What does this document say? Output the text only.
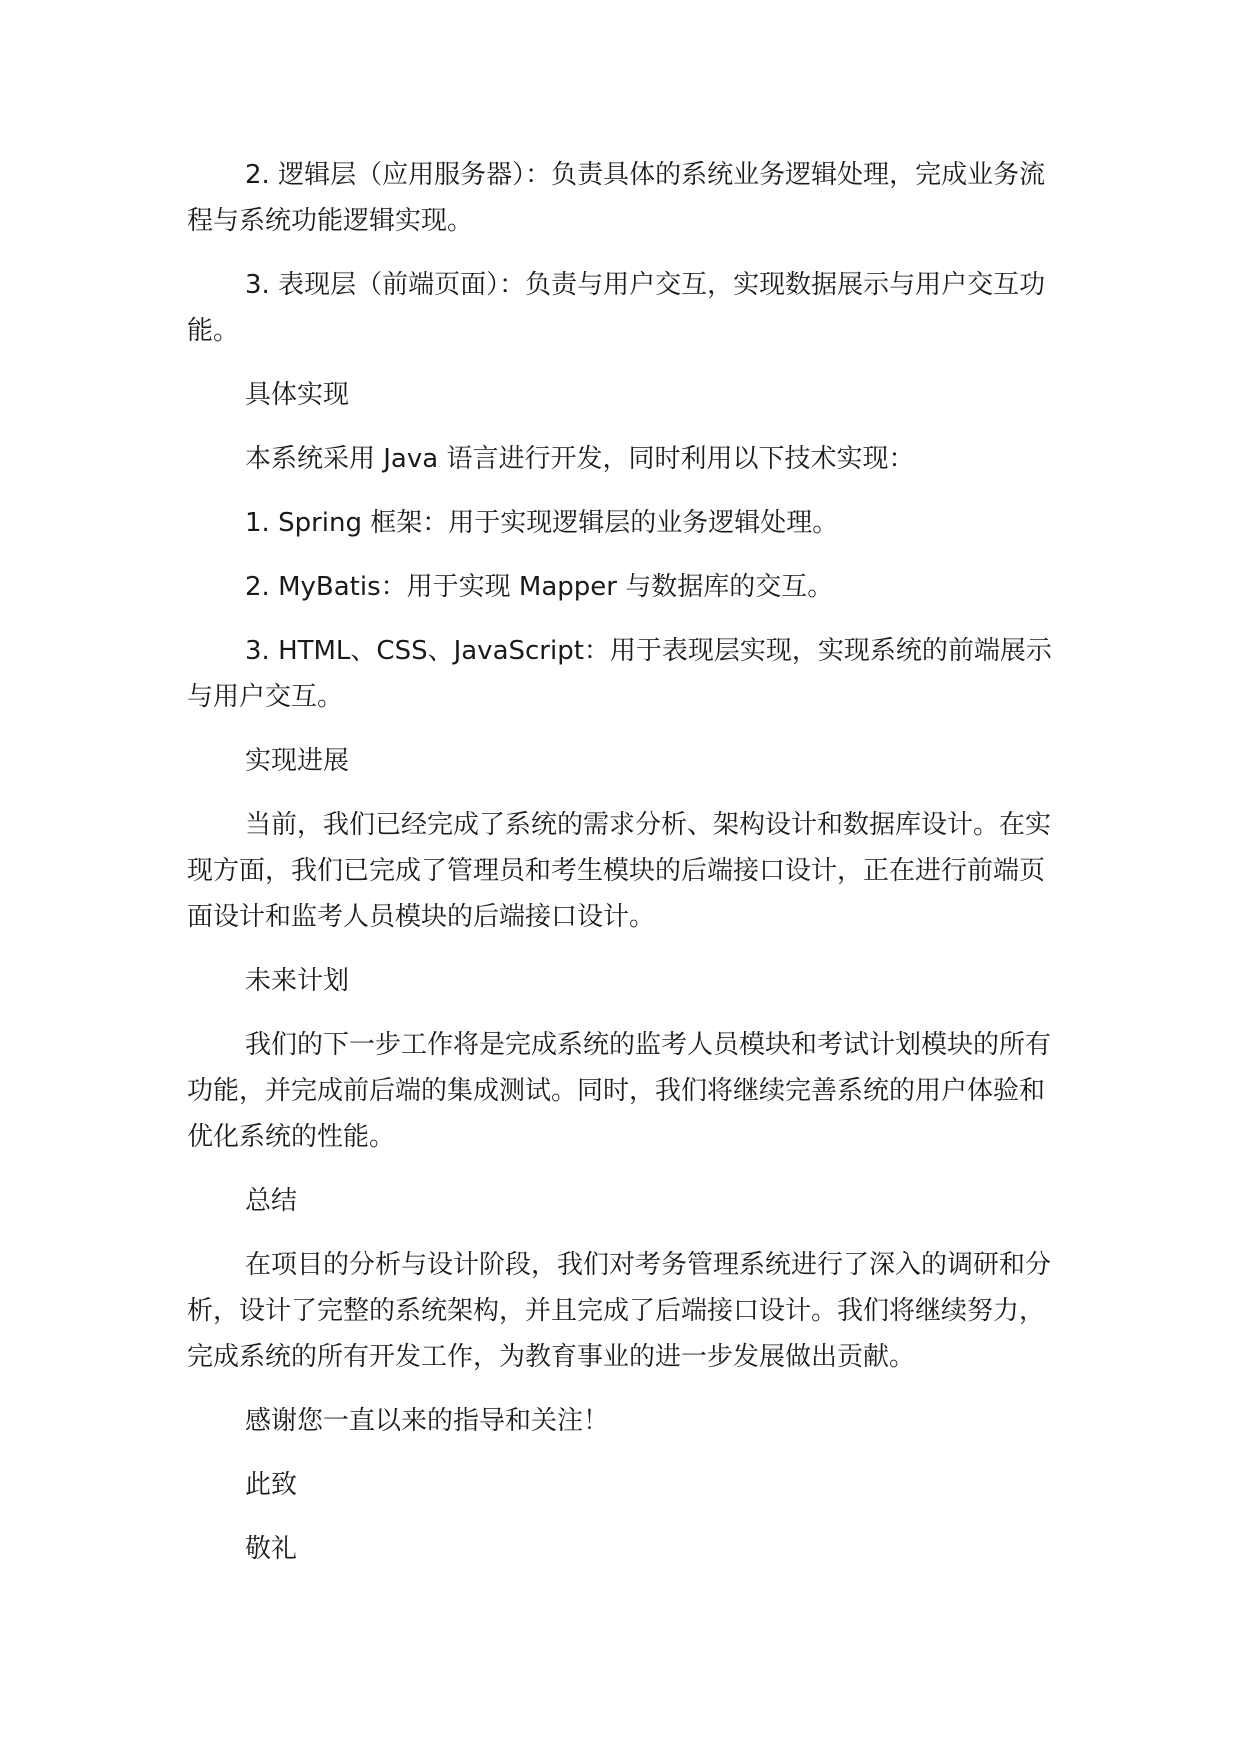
2. 逻辑层（应用服务器）：负责具体的系统业务逻辑处理，完成业务流程与系统功能逻辑实现。

3. 表现层（前端页面）：负责与用户交互，实现数据展示与用户交互功能。

具体实现

本系统采用 Java 语言进行开发，同时利用以下技术实现：

1. Spring 框架：用于实现逻辑层的业务逻辑处理。

2. MyBatis：用于实现 Mapper 与数据库的交互。

3. HTML、CSS、JavaScript：用于表现层实现，实现系统的前端展示与用户交互。

实现进展

当前，我们已经完成了系统的需求分析、架构设计和数据库设计。在实现方面，我们已完成了管理员和考生模块的后端接口设计，正在进行前端页面设计和监考人员模块的后端接口设计。

未来计划

我们的下一步工作将是完成系统的监考人员模块和考试计划模块的所有功能，并完成前后端的集成测试。同时，我们将继续完善系统的用户体验和优化系统的性能。

总结

在项目的分析与设计阶段，我们对考务管理系统进行了深入的调研和分析，设计了完整的系统架构，并且完成了后端接口设计。我们将继续努力，完成系统的所有开发工作，为教育事业的进一步发展做出贡献。

感谢您一直以来的指导和关注！

此致

敬礼
